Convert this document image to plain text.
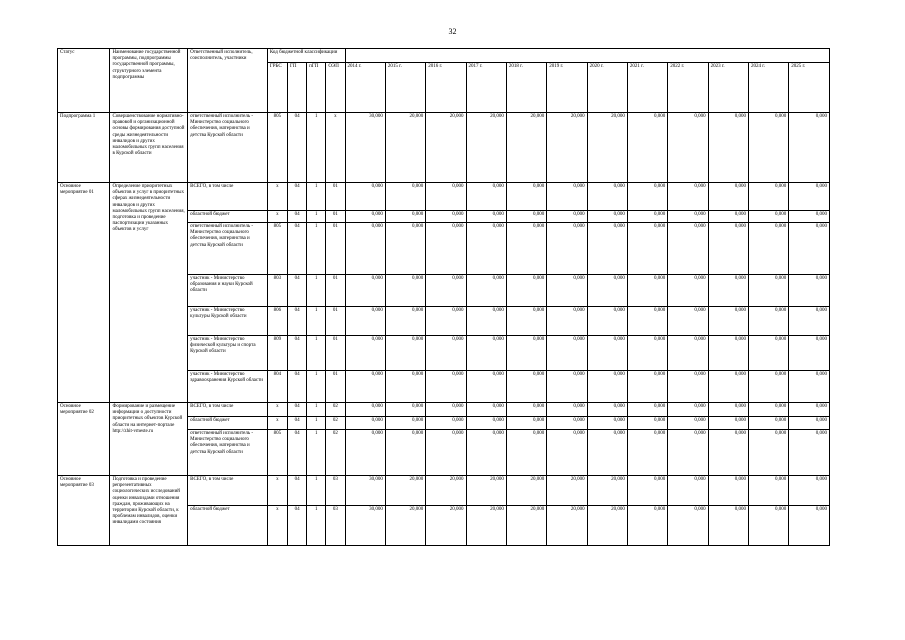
32
Статус	Наименование государственной программы, подпрограммы государственной программы, структурного элемента подпрограммы	Ответственный исполнитель, соисполнитель, участники	Код бюджетной классификации															
			ГРБС	ГП	пГП	ОЭП	2014 г.	2015 г.	2016 г.	2017 г.	2018 г.	2019 г.	2020 г.	2021 г.	2022 г.	2023 г.	2024 г.	2025 г.
Подпрограмма 1	Совершенствование нормативно-правовой и организационной основы формирования доступной среды жизнедеятельности инвалидов и других маломобильных групп населения в Курской области	ответственный исполнитель - Министерство социального обеспечения, материнства и детства Курской области	805	04	1	x	30,000	20,000	20,000	20,000	20,000	20,000	20,000	0,000	0,000	0,000	0,000	0,000
Основное мероприятие 01	Определение приоритетных объектов и услуг в приоритетных сферах жизнедеятельности инвалидов и других маломобильных групп населения, подготовка и проведение паспортизации указанных объектов и услуг	ВСЕГО, в том числе	x	04	1	01	0,000	0,000	0,000	0,000	0,000	0,000	0,000	0,000	0,000	0,000	0,000	0,000
		областной бюджет	x	04	1	01	0,000	0,000	0,000	0,000	0,000	0,000	0,000	0,000	0,000	0,000	0,000	0,000
		ответственный исполнитель - Министерство социального обеспечения, материнства и детства Курской области	805	04	1	01	0,000	0,000	0,000	0,000	0,000	0,000	0,000	0,000	0,000	0,000	0,000	0,000
		участник - Министерство образования и науки Курской области	803	04	1	01	0,000	0,000	0,000	0,000	0,000	0,000	0,000	0,000	0,000	0,000	0,000	0,000
		участник - Министерство культуры Курской области	806	04	1	01	0,000	0,000	0,000	0,000	0,000	0,000	0,000	0,000	0,000	0,000	0,000	0,000
		участник - Министерство физической культуры и спорта Курской области	809	04	1	01	0,000	0,000	0,000	0,000	0,000	0,000	0,000	0,000	0,000	0,000	0,000	0,000
		участник - Министерство здравоохранения Курской области	804	04	1	01	0,000	0,000	0,000	0,000	0,000	0,000	0,000	0,000	0,000	0,000	0,000	0,000
Основное мероприятие 02	Формирование и размещение информации о доступности приоритетных объектов Курской области на интернет-портале http://zhit-vmeste.ru	ВСЕГО, в том числе	x	04	1	02	0,000	0,000	0,000	0,000	0,000	0,000	0,000	0,000	0,000	0,000	0,000	0,000
		областной бюджет	x	04	1	02	0,000	0,000	0,000	0,000	0,000	0,000	0,000	0,000	0,000	0,000	0,000	0,000
		ответственный исполнитель - Министерство социального обеспечения, материнства и детства Курской области	805	04	1	02	0,000	0,000	0,000	0,000	0,000	0,000	0,000	0,000	0,000	0,000	0,000	0,000
Основное мероприятие 03	Подготовка и проведение репрезентативных социологических исследований оценки инвалидами отношения граждан, проживающих на территории Курской области, к проблемам инвалидов, оценки инвалидами состояния	ВСЕГО, в том числе	x	04	1	03	30,000	20,000	20,000	20,000	20,000	20,000	20,000	0,000	0,000	0,000	0,000	0,000
		областной бюджет	x	04	1	03	30,000	20,000	20,000	20,000	20,000	20,000	20,000	0,000	0,000	0,000	0,000	0,000
